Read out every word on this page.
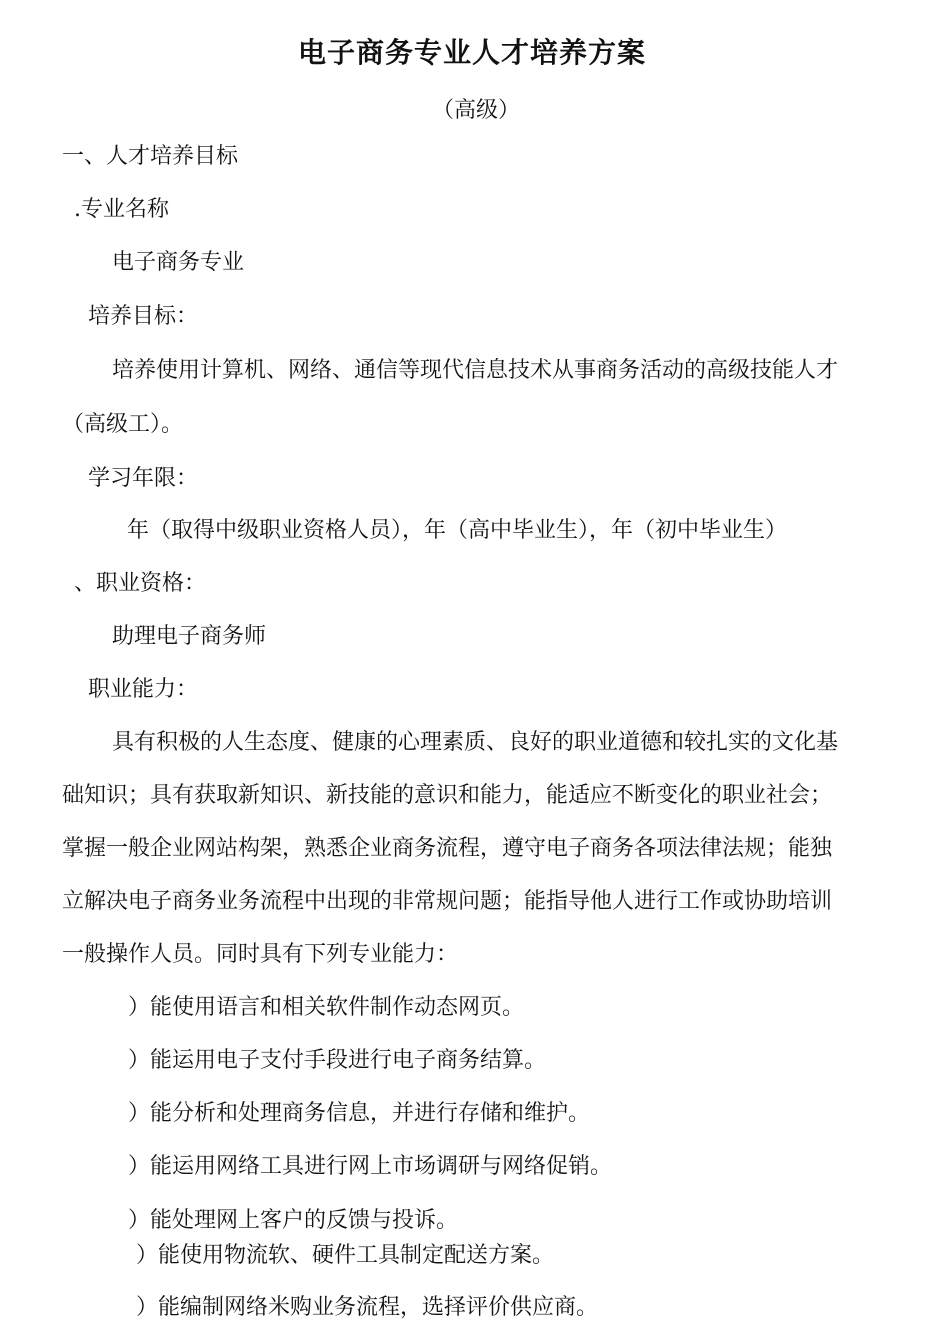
电子商务专业人才培养方案
（高级）
一、人才培养目标
.专业名称
电子商务专业
培养目标：
培养使用计算机、网络、通信等现代信息技术从事商务活动的高级技能人才
（高级工）。
学习年限：
年（取得中级职业资格人员），年（高中毕业生），年（初中毕业生）
、职业资格：
助理电子商务师
职业能力：
具有积极的人生态度、健康的心理素质、良好的职业道德和较扎实的文化基
础知识；具有获取新知识、新技能的意识和能力，能适应不断变化的职业社会；
掌握一般企业网站构架，熟悉企业商务流程，遵守电子商务各项法律法规；能独
立解决电子商务业务流程中出现的非常规问题；能指导他人进行工作或协助培训
一般操作人员。同时具有下列专业能力：
）能使用语言和相关软件制作动态网页。
）能运用电子支付手段进行电子商务结算。
）能分析和处理商务信息，并进行存储和维护。
）能运用网络工具进行网上市场调研与网络促销。
）能处理网上客户的反馈与投诉。
）能使用物流软、硬件工具制定配送方案。
）能编制网络米购业务流程，选择评价供应商。
